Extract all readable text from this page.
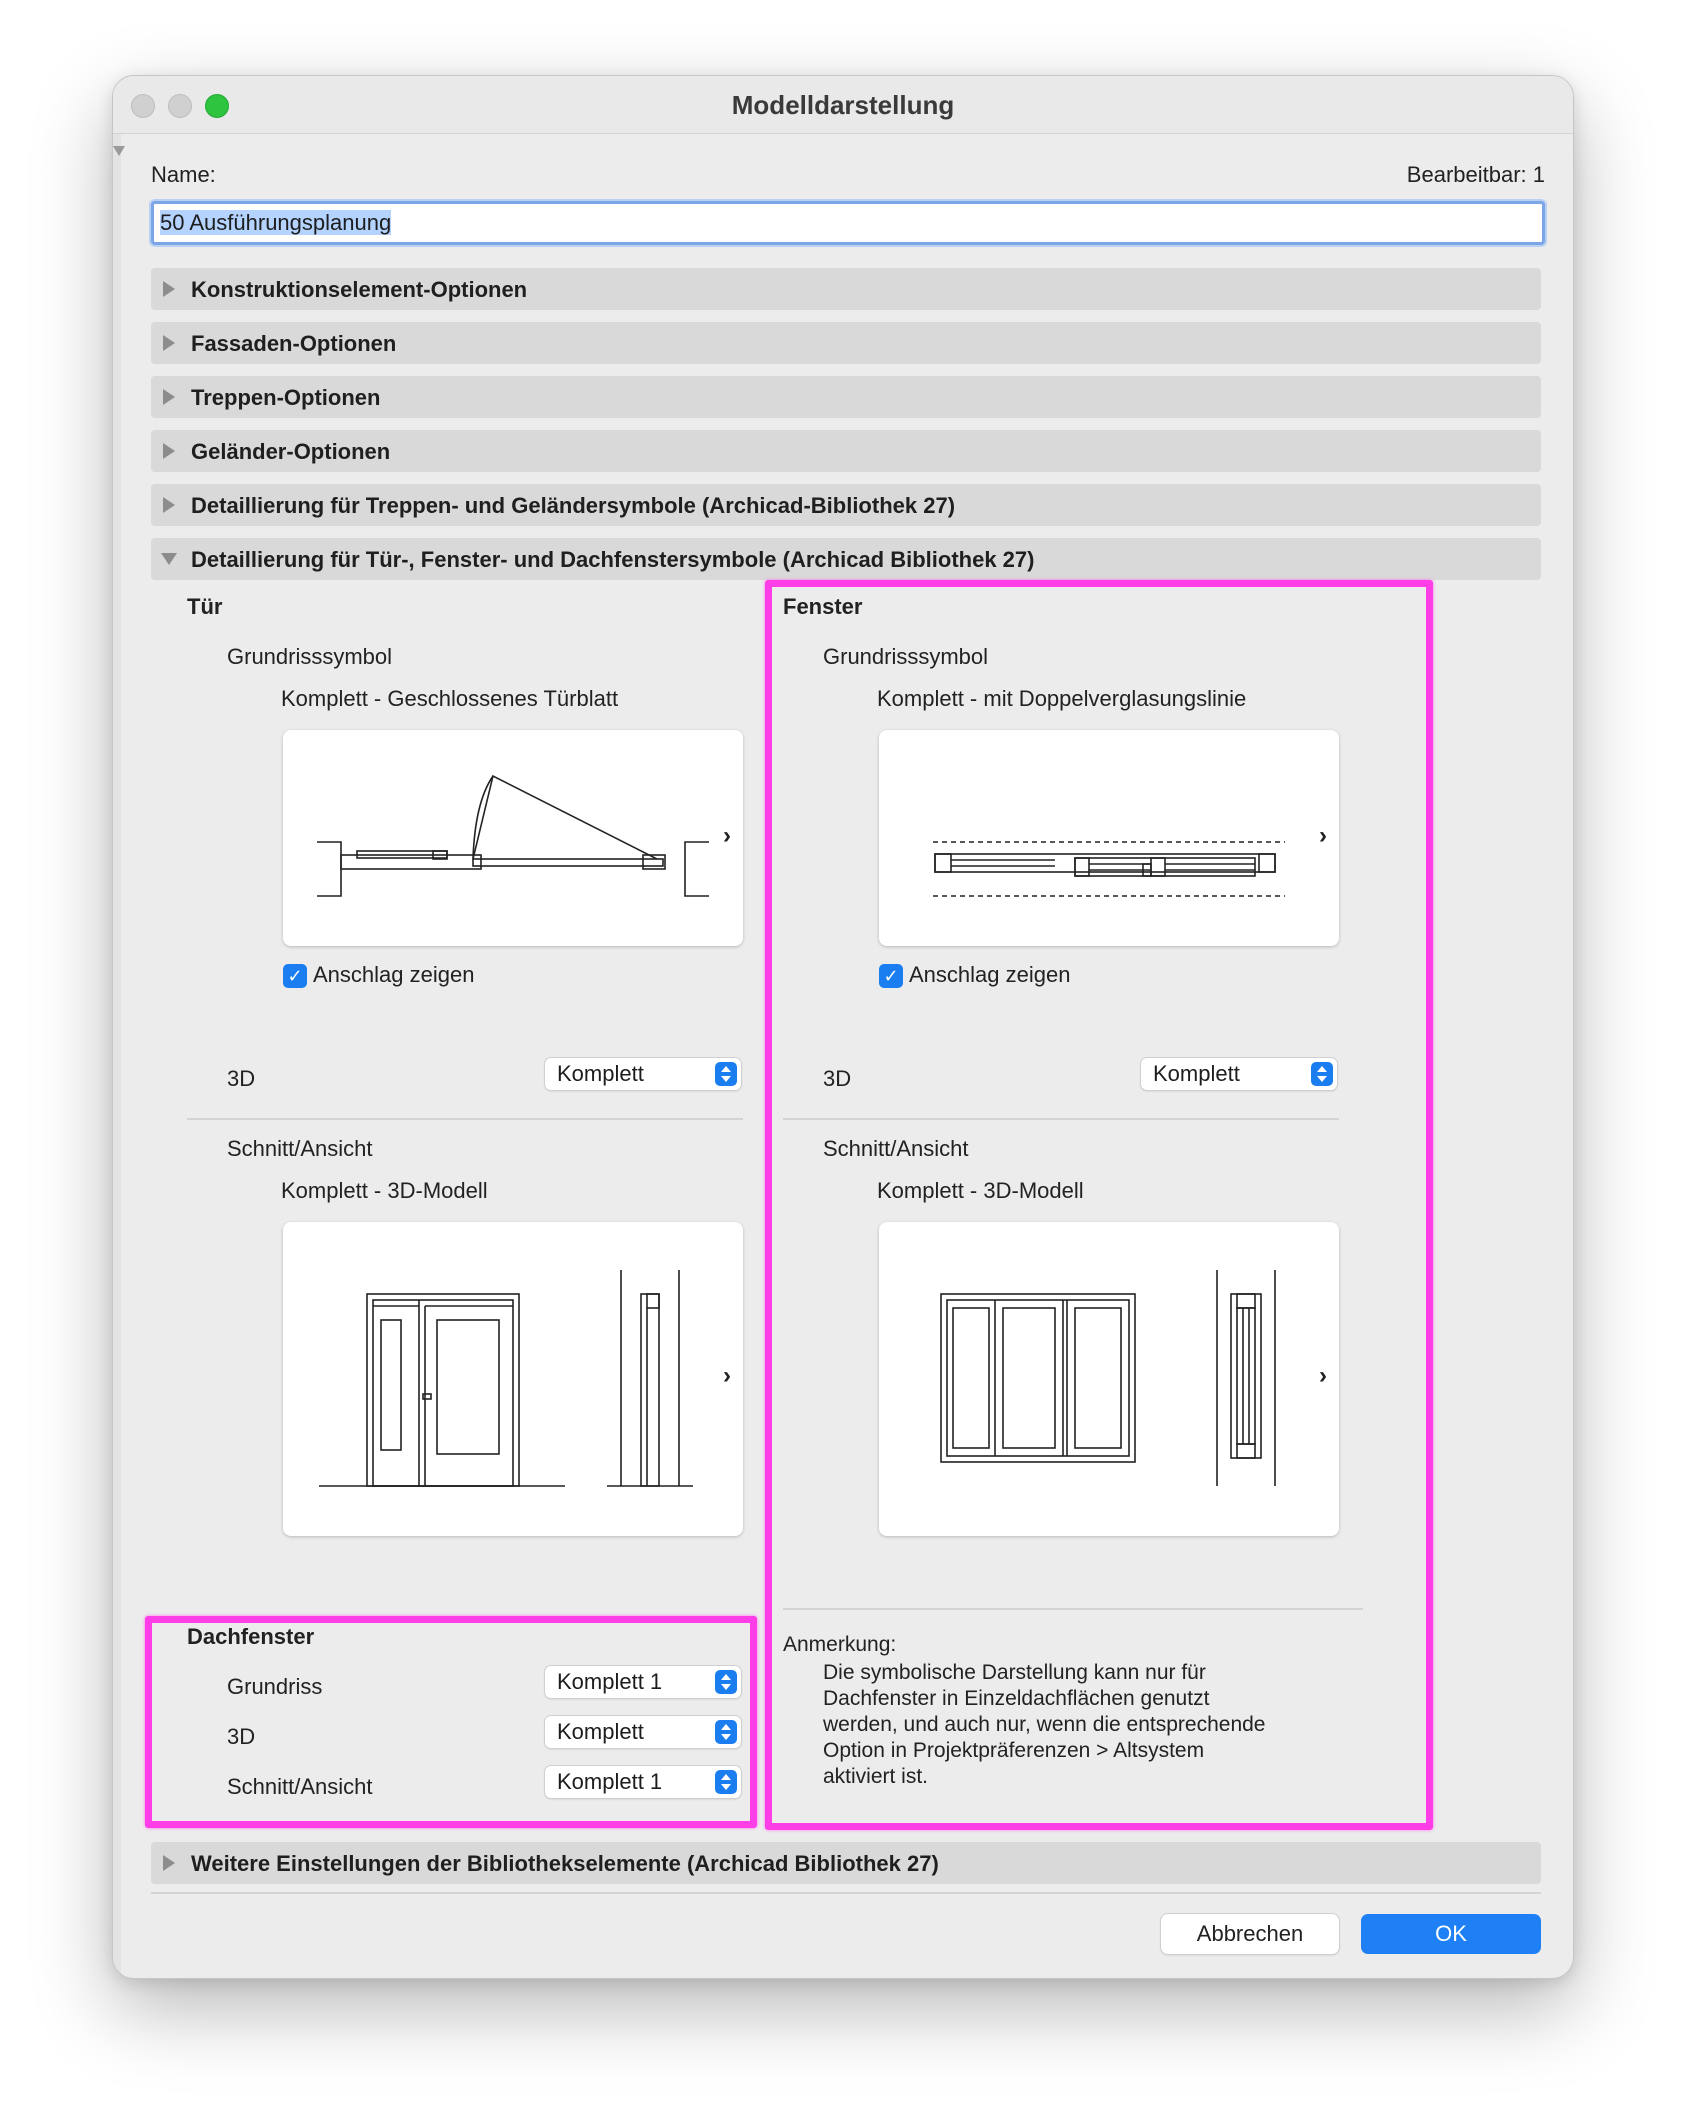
Modelldarstellung
Name:	Bearbeitbar: 1
50 Ausführungsplanung
Konstruktionselement-Optionen
Fassaden-Optionen
Treppen-Optionen
Geländer-Optionen
Detaillierung für Treppen- und Geländersymbole (Archicad-Bibliothek 27)
Detaillierung für Tür-, Fenster- und Dachfenstersymbole (Archicad Bibliothek 27)
Tür
Grundrisssymbol
Komplett - Geschlossenes Türblatt
›
✓ Anschlag zeigen
3D	Komplett
Schnitt/Ansicht
Komplett - 3D-Modell
›
Fenster
Grundrisssymbol
Komplett - mit Doppelverglasungslinie
›
✓ Anschlag zeigen
3D	Komplett
Schnitt/Ansicht
Komplett - 3D-Modell
›
Dachfenster
Grundriss	Komplett 1
3D	Komplett
Schnitt/Ansicht	Komplett 1
Anmerkung:
Die symbolische Darstellung kann nur für
Dachfenster in Einzeldachflächen genutzt
werden, und auch nur, wenn die entsprechende
Option in Projektpräferenzen > Altsystem
aktiviert ist.
Weitere Einstellungen der Bibliothekselemente (Archicad Bibliothek 27)
Abbrechen	OK
